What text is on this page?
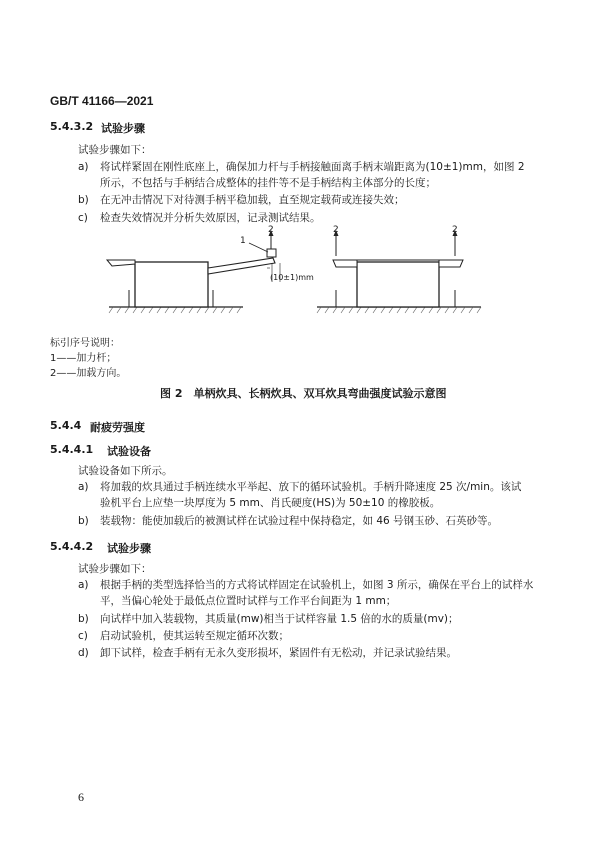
GB/T 41166—2021
5.4.3.2 试验步骤
试验步骤如下：
a) 将试样紧固在刚性底座上，确保加力杆与手柄接触面离手柄末端距离为(10±1)mm，如图 2
所示，不包括与手柄结合成整体的挂件等不是手柄结构主体部分的长度；
b) 在无冲击情况下对待测手柄平稳加载，直至规定载荷或连接失效；
c) 检查失效情况并分析失效原因，记录测试结果。
1
2	2	2
(10±1)mm
标引序号说明：
1——加力杆；
2——加载方向。
图 2　单柄炊具、长柄炊具、双耳炊具弯曲强度试验示意图
5.4.4 耐疲劳强度
5.4.4.1 试验设备
试验设备如下所示。
a) 将加载的炊具通过手柄连续水平举起、放下的循环试验机。手柄升降速度 25 次/min。该试
验机平台上应垫一块厚度为 5 mm、肖氏硬度(HS)为 50±10 的橡胶板。
b) 装载物：能使加载后的被测试样在试验过程中保持稳定，如 46 号钢玉砂、石英砂等。
5.4.4.2 试验步骤
试验步骤如下：
a) 根据手柄的类型选择恰当的方式将试样固定在试验机上，如图 3 所示，确保在平台上的试样水
平，当偏心轮处于最低点位置时试样与工作平台间距为 1 mm；
b) 向试样中加入装载物，其质量(mw)相当于试样容量 1.5 倍的水的质量(mv)；
c) 启动试验机，使其运转至规定循环次数；
d) 卸下试样，检查手柄有无永久变形损坏，紧固件有无松动，并记录试验结果。
6
